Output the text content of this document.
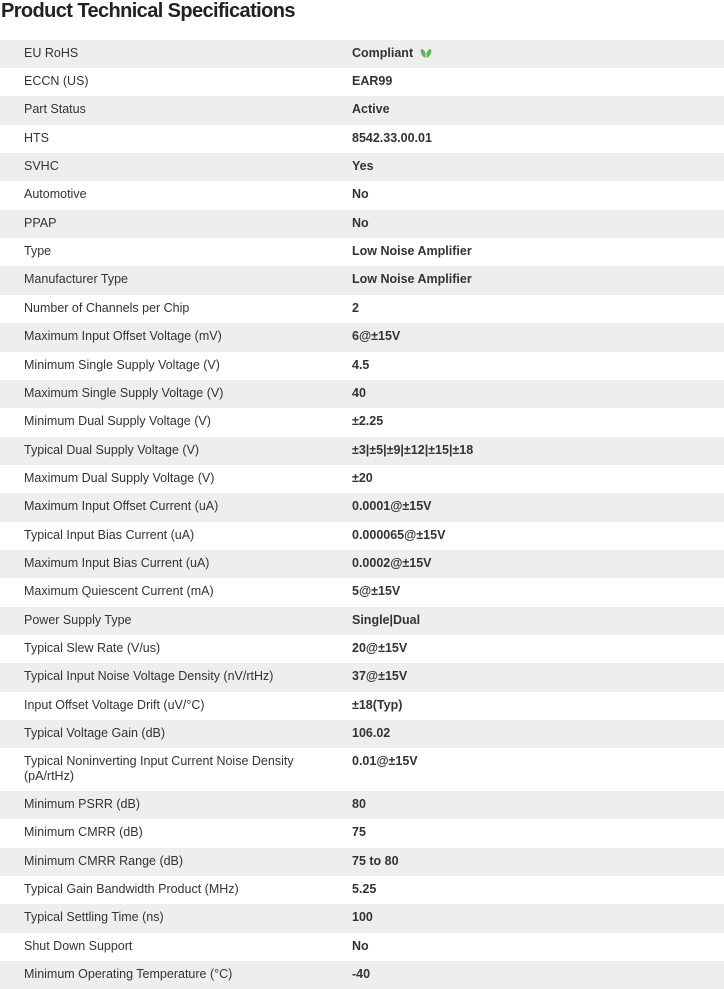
Product Technical Specifications
EU RoHS	Compliant
ECCN (US)	EAR99
Part Status	Active
HTS	8542.33.00.01
SVHC	Yes
Automotive	No
PPAP	No
Type	Low Noise Amplifier
Manufacturer Type	Low Noise Amplifier
Number of Channels per Chip	2
Maximum Input Offset Voltage (mV)	6@±15V
Minimum Single Supply Voltage (V)	4.5
Maximum Single Supply Voltage (V)	40
Minimum Dual Supply Voltage (V)	±2.25
Typical Dual Supply Voltage (V)	±3|±5|±9|±12|±15|±18
Maximum Dual Supply Voltage (V)	±20
Maximum Input Offset Current (uA)	0.0001@±15V
Typical Input Bias Current (uA)	0.000065@±15V
Maximum Input Bias Current (uA)	0.0002@±15V
Maximum Quiescent Current (mA)	5@±15V
Power Supply Type	Single|Dual
Typical Slew Rate (V/us)	20@±15V
Typical Input Noise Voltage Density (nV/rtHz)	37@±15V
Input Offset Voltage Drift (uV/°C)	±18(Typ)
Typical Voltage Gain (dB)	106.02
Typical Noninverting Input Current Noise Density (pA/rtHz)	0.01@±15V
Minimum PSRR (dB)	80
Minimum CMRR (dB)	75
Minimum CMRR Range (dB)	75 to 80
Typical Gain Bandwidth Product (MHz)	5.25
Typical Settling Time (ns)	100
Shut Down Support	No
Minimum Operating Temperature (°C)	-40
